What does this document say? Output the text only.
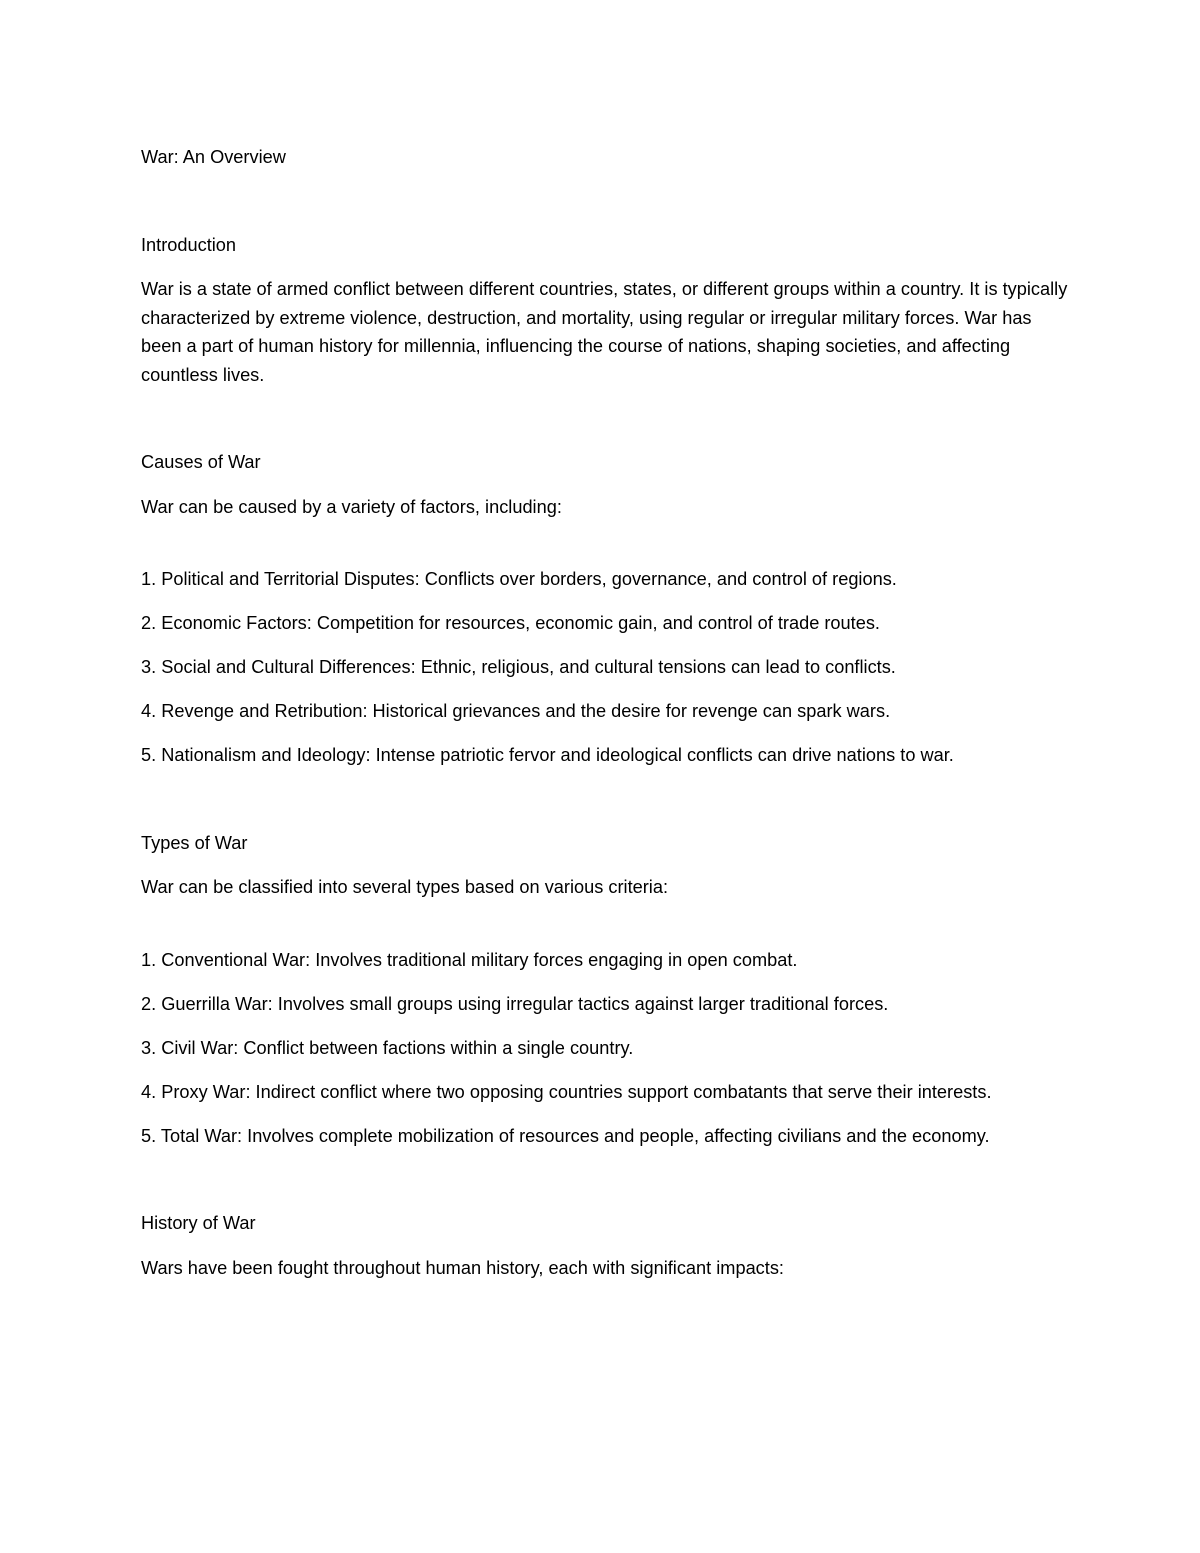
War: An Overview
Introduction

War is a state of armed conflict between different countries, states, or different groups within a country. It is typically characterized by extreme violence, destruction, and mortality, using regular or irregular military forces. War has been a part of human history for millennia, influencing the course of nations, shaping societies, and affecting countless lives.

Causes of War

War can be caused by a variety of factors, including:

1. Political and Territorial Disputes: Conflicts over borders, governance, and control of regions.
2. Economic Factors: Competition for resources, economic gain, and control of trade routes.
3. Social and Cultural Differences: Ethnic, religious, and cultural tensions can lead to conflicts.
4. Revenge and Retribution: Historical grievances and the desire for revenge can spark wars.
5. Nationalism and Ideology: Intense patriotic fervor and ideological conflicts can drive nations to war.
Types of War

War can be classified into several types based on various criteria:

1. Conventional War: Involves traditional military forces engaging in open combat.
2. Guerrilla War: Involves small groups using irregular tactics against larger traditional forces.
3. Civil War: Conflict between factions within a single country.
4. Proxy War: Indirect conflict where two opposing countries support combatants that serve their interests.
5. Total War: Involves complete mobilization of resources and people, affecting civilians and the economy.
History of War

Wars have been fought throughout human history, each with significant impacts:
